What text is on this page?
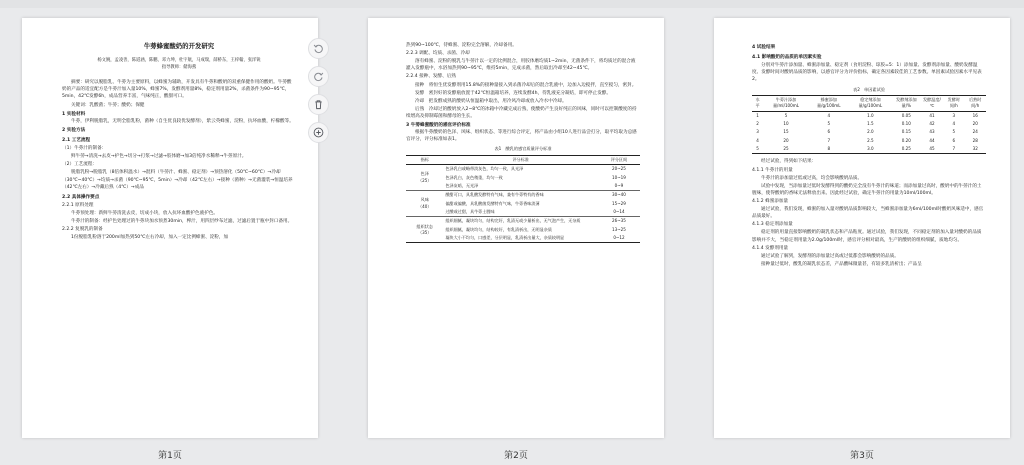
牛蒡蜂蜜酸奶的开发研究
杨文婉，孟凌善，陈道涵，陈鹏，邓力坤，杜宇航，马成瑞，薛桥东，王梓翰，张洋锐
指导教师：储海燕

摘要：研究以脱脂乳、牛蒡为主要原料，以蜂蜜为辅助，开发具有牛蒡和酸奶的双重保健作用的酸奶。牛蒡酸奶的产品的适宜配方是牛蒡汁加入量10%，蜂蜜7%，发酵剂用量8%，稳定剂用量2%，杀菌条件为90~95℃，5min，42℃发酵6h，成品营养丰富，气味纯正，酸甜可口。

关键词：乳酸菌；牛蒡；酸奶；保健

1 实验材料

牛蒡，伊利脱脂乳，无明全脂乳粉，菌种（自生优良较优发酵剂），紫云英蜂蜜，淀粉，抗坏血酸，柠檬酸等。

2 实验方法

2.1 工艺流程

（1）牛蒡汁的制备：

鲜牛蒡→清洗→去皮→护色→切分→打浆→过滤→胶体磨→加3倍纯净水稀释→牛蒡原汁。

（2）工艺流程：

脱脂乳粉→脱脂乳（8倍体积温水）→混料（牛蒡汁、蜂蜜、稳定剂）→预热溶化（50℃~60℃）→冷却（30℃~40℃）→均质→杀菌（90℃~95℃，5min）→冷却（42℃左右）→接种（菌种）→无菌灌装→恒温培养（42℃左右）→冷藏后熟（4℃）→成品

2.2 具体操作要点

2.2.1 原料处理

牛蒡预处理：新鲜牛蒡清洗去皮，切成小块，放入抗坏血酸护色液护色。

牛蒡汁的制备：经护色处理过的牛蒡块加水预煮30min，榨汁，用四层纱布过滤，过滤后置于瓶中封口备用。

2.2.2 复脱乳的制备

1份脱脂乳粉溶于200ml加热到50℃左右冷却，加入一定比例蜂蜜、淀粉，加

热到90~100℃，待蜂蜜、淀粉完全溶解，冷却备用。

2.2.3 调配、均质、杀菌、冷却

溶有蜂蜜、淀粉的脱乳与牛蒡汁以一定的比例混合，用胶体磨均质1~2min，无菌条件下，将均质过的混合液灌入发酵瓶中，水浴加热到90~95℃，维持5min，完成杀菌，然后取出冷却至42~45℃。

2.2.4 接种、发酵、后熟

接种　将恒生优发酵剂用15.8%的接种量接入到杀菌冷却后的混合乳液中，边加入边搅拌，直至搅匀，密封。

发酵　密封好的发酵瓶放置于42℃恒温箱培养，连续发酵4h，待乳液充分凝结，即可停止发酵。

冷却　把发酵成熟的酸奶从恒温箱中取出，用冷风冷却或放入冷水中冷却。

后熟　冷却过的酸奶放入2~8℃的冰箱中冷藏完成后熟，使酸奶产生良好纯正的风味，同时可以控制酸度的持续增高及抑制霉菌和酵母的生长。

3 牛蒡蜂蜜酸奶的感官评价标准

根据牛蒡酸奶的色泽、风味、组织状态、等进行综合评定，将产品由小组10人进行品尝打分，取平均取为总感官评分，评分标准如表1。

表1　酸乳的感官质量评分标准
指标	评分标准	评分区间

色泽
（25）	色泽乳白或略带淡灰色，均匀一致，具光泽	20~25
	色泽乳白，灰色稍重，均匀一致	10~19
	色泽灰暗，无光泽	0~9

风味
（40）	酸甜可口，具乳酸发酵特有气味，兼有牛蒡特有的香味	30~40
	偏甜或偏酸，具乳酸菌发酵特有气味，牛蒡香味淡薄	15~29
	过酸或过甜，具牛蒡土腥味	0~14

组织状态
（35）	组织细腻，凝块均匀，结构完好，乳清无或少量析出，无气泡产生，无杂质	26~35
	组织细腻，凝块均匀，结构较好，有乳清析出，无明显杂质	13~25
	凝块大小不均匀，口感差，分层明显，乳清析出量大，杂质较明显	0~12

4 试验结果

4.1 影响酸奶的品质的单因素实验

分别对牛蒡汁添加量、蜂蜜添加量、稳定剂（食用淀粉、琼胶=5：1）添加量、发酵剂添加量、酸奶发酵温度、发酵时间对酸奶品质的影响，以感官评分为评价指标，确定各因素较佳的工艺参数。单因素试验因素水平见表2。

表2　单因素试验
水平	牛蒡汁添加量/ml/100mL	蜂蜜添加量/g/100mL	稳定剂添加量/g/100mL	发酵剂添加量/%	发酵温度/℃	发酵时间/h	后熟时间/h
1	5	4	1.0	0.05	41	3	16
2	10	5	1.5	0.10	42	4	20
3	15	6	2.0	0.15	43	5	24
4	20	7	2.5	0.20	44	6	28
5	25	8	3.0	0.25	45	7	32

经过试验，得到如下结果：

4.1.1 牛蒡汁的用量

牛蒡汁的添加量过低或过高，均会影响酸奶品质。

试验中发现，当添加量过低时发酵得到的酸奶完全没有牛蒡汁的味道；而添加量过高时，酸奶中的牛蒡汁的土腥味，使得酸奶的香味无法释放出来。因此经过试验，确定牛蒡汁的用量为10ml/100ml。

4.1.2 蜂蜜添加量

通过试验，我们发现，蜂蜜的加入量对酸奶品质影响较大，当蜂蜜添加量为6ml/100ml时酸奶风味适中，感官品质最好。

4.1.3 稳定剂添加量

稳定剂的用量直接影响酸奶的凝乳状态和产品粘度。通过试验，我们发现，不同稳定剂的加入量对酸奶的品质影响并不大，当稳定剂用量为2.0g/100ml时，感官评分相对最高，生产的酸奶的组织细腻，质地均匀。

4.1.4 发酵剂用量

通过试验了解到，发酵剂的添加量过高或过低都会影响酸奶的品质。

接种量过低时，酸乳的凝乳状态差，产品酸味微量甚，有较多乳清析出；产品呈

第1页	第2页	第3页
